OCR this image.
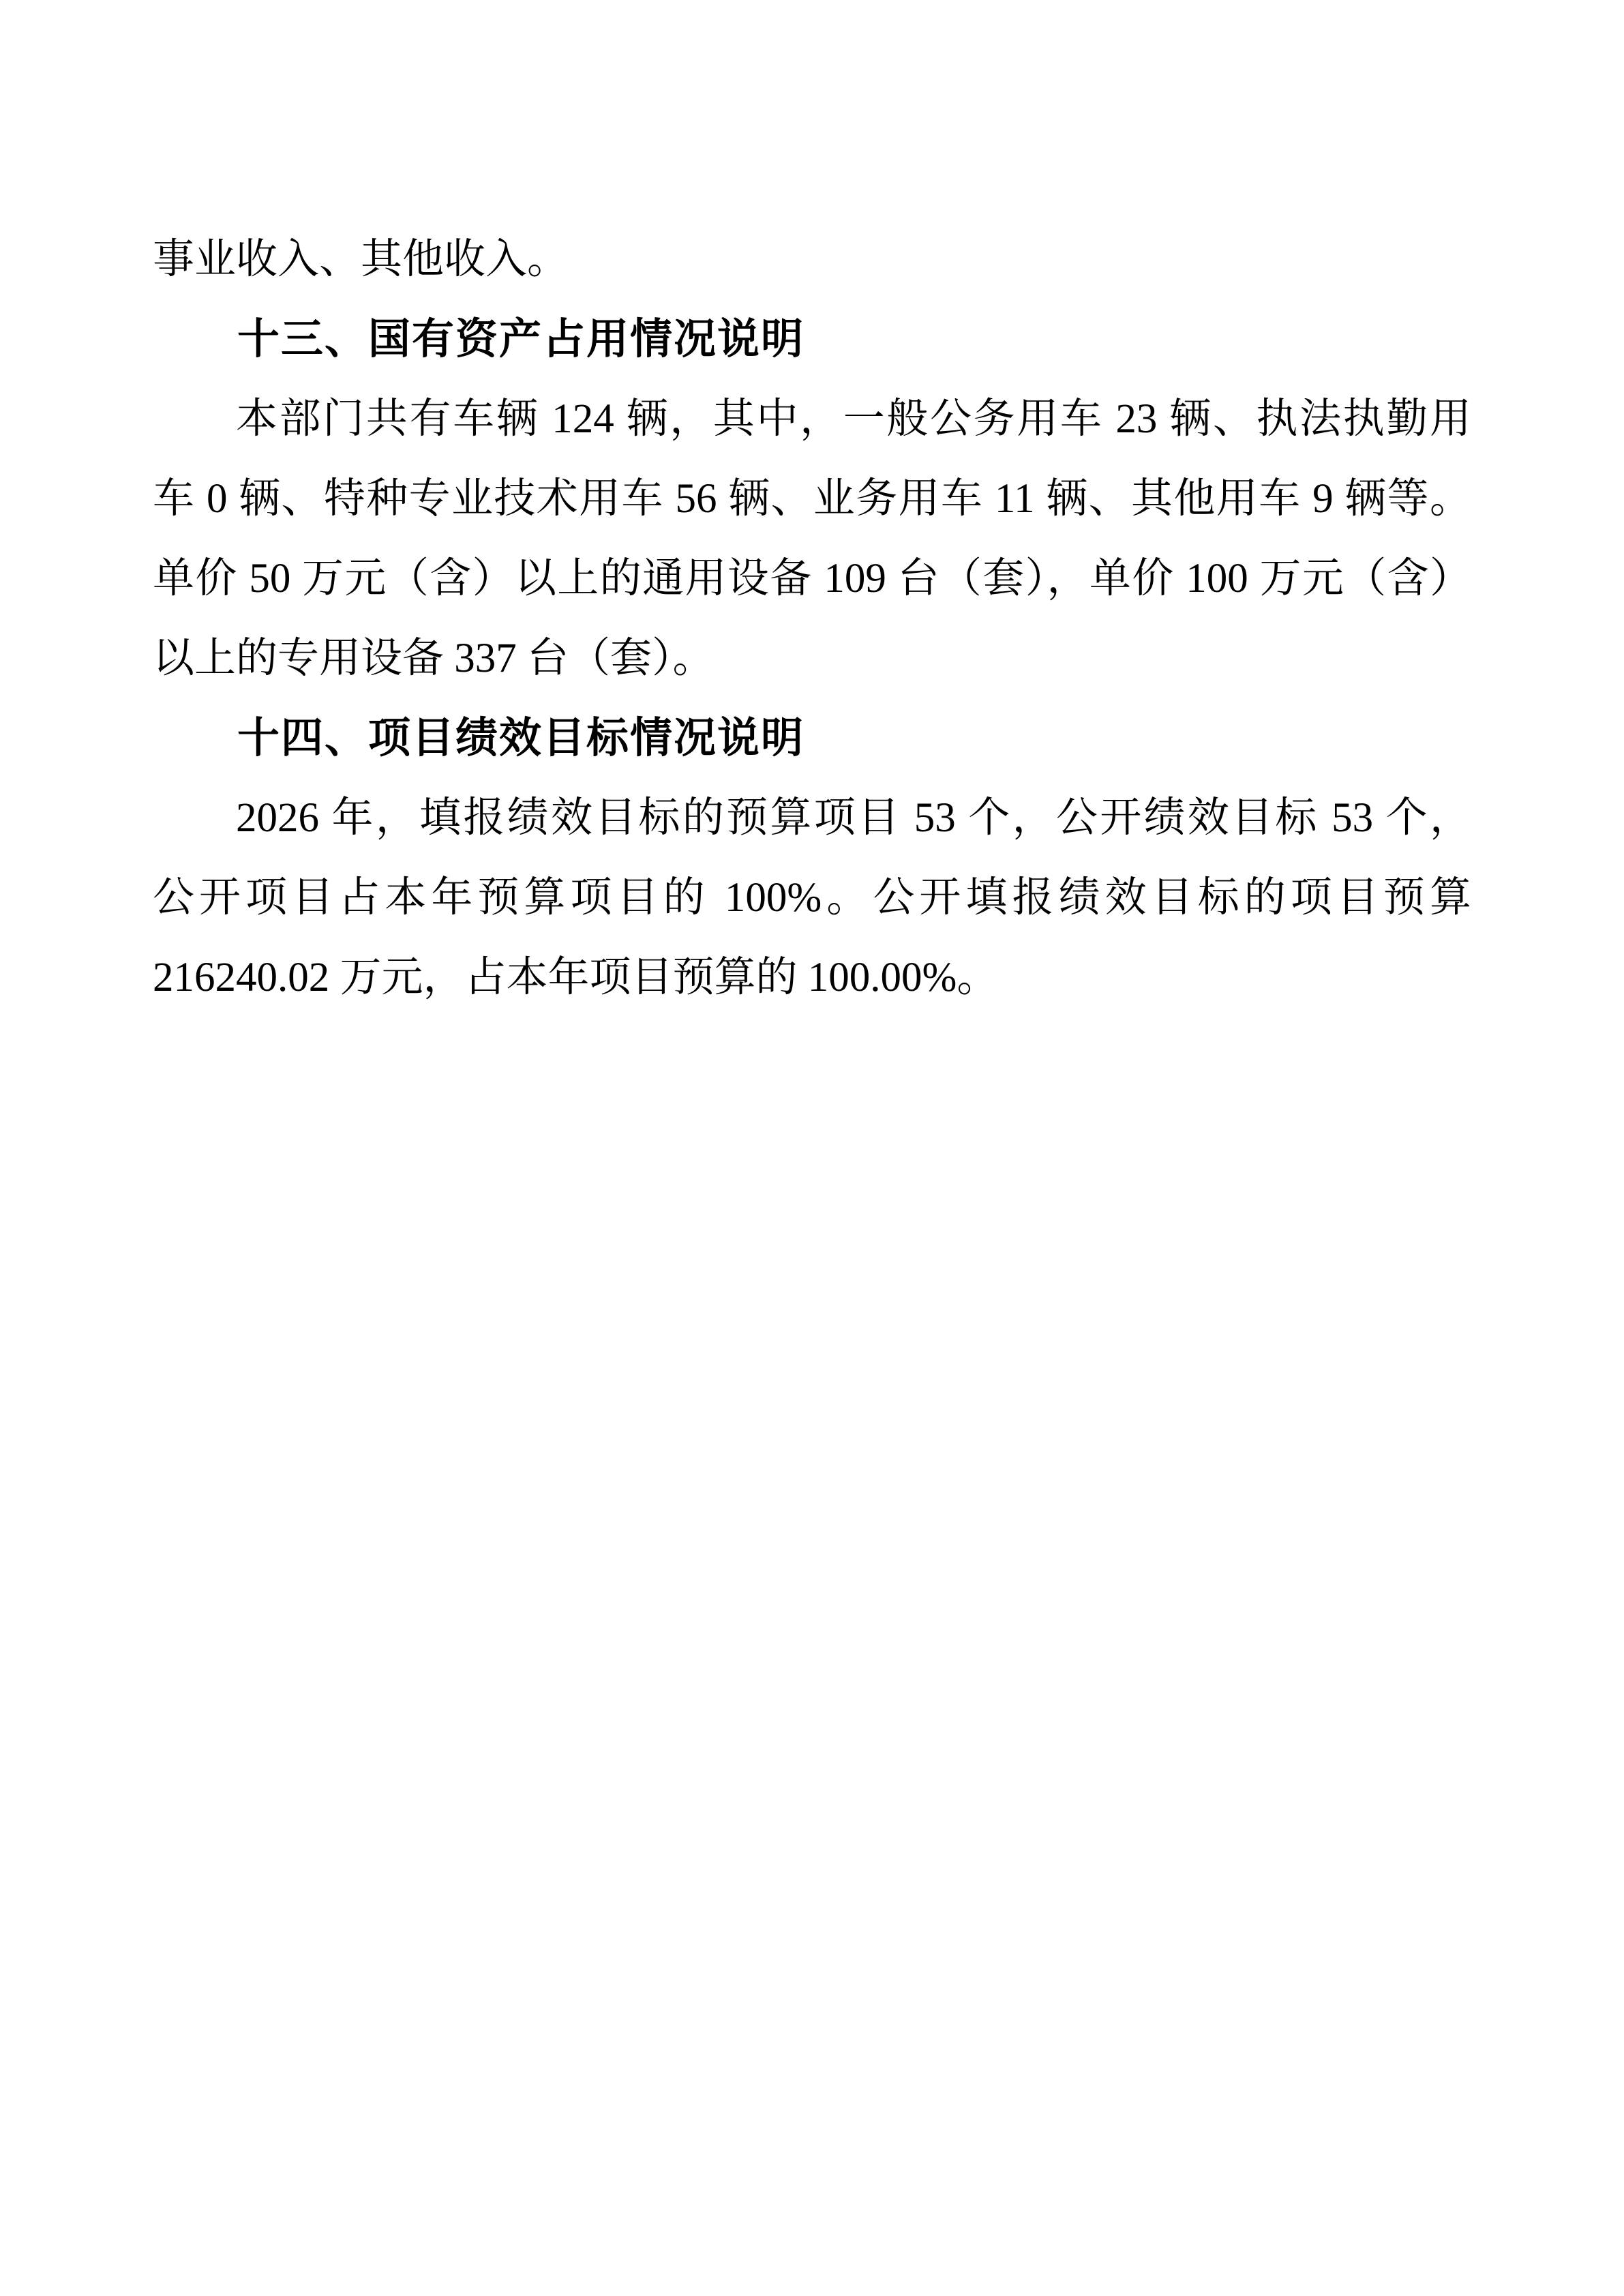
事业收入、其他收入。
十三、国有资产占用情况说明
本部门共有车辆 124 辆，其中，一般公务用车 23 辆、执法执勤用
车 0 辆、特种专业技术用车 56 辆、业务用车 11 辆、其他用车 9 辆等。
单价 50 万元（含）以上的通用设备 109 台（套），单价 100 万元（含）
以上的专用设备 337 台（套）。
十四、项目绩效目标情况说明
2026 年，填报绩效目标的预算项目 53 个，公开绩效目标 53 个，
公开项目占本年预算项目的 100%。公开填报绩效目标的项目预算
216240.02 万元，占本年项目预算的 100.00%。
